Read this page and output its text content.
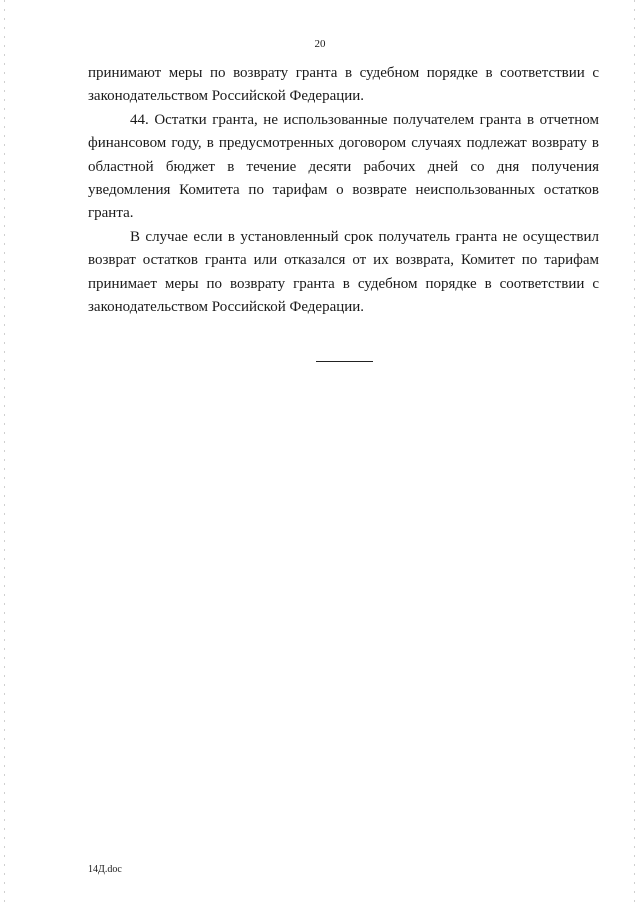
20

принимают меры по возврату гранта в судебном порядке в соответствии с законодательством Российской Федерации.

44. Остатки гранта, не использованные получателем гранта в отчетном финансовом году, в предусмотренных договором случаях подлежат возврату в областной бюджет в течение десяти рабочих дней со дня получения уведомления Комитета по тарифам о возврате неиспользованных остатков гранта.

В случае если в установленный срок получатель гранта не осуществил возврат остатков гранта или отказался от их возврата, Комитет по тарифам принимает меры по возврату гранта в судебном порядке в соответствии с законодательством Российской Федерации.

14Д.doc
